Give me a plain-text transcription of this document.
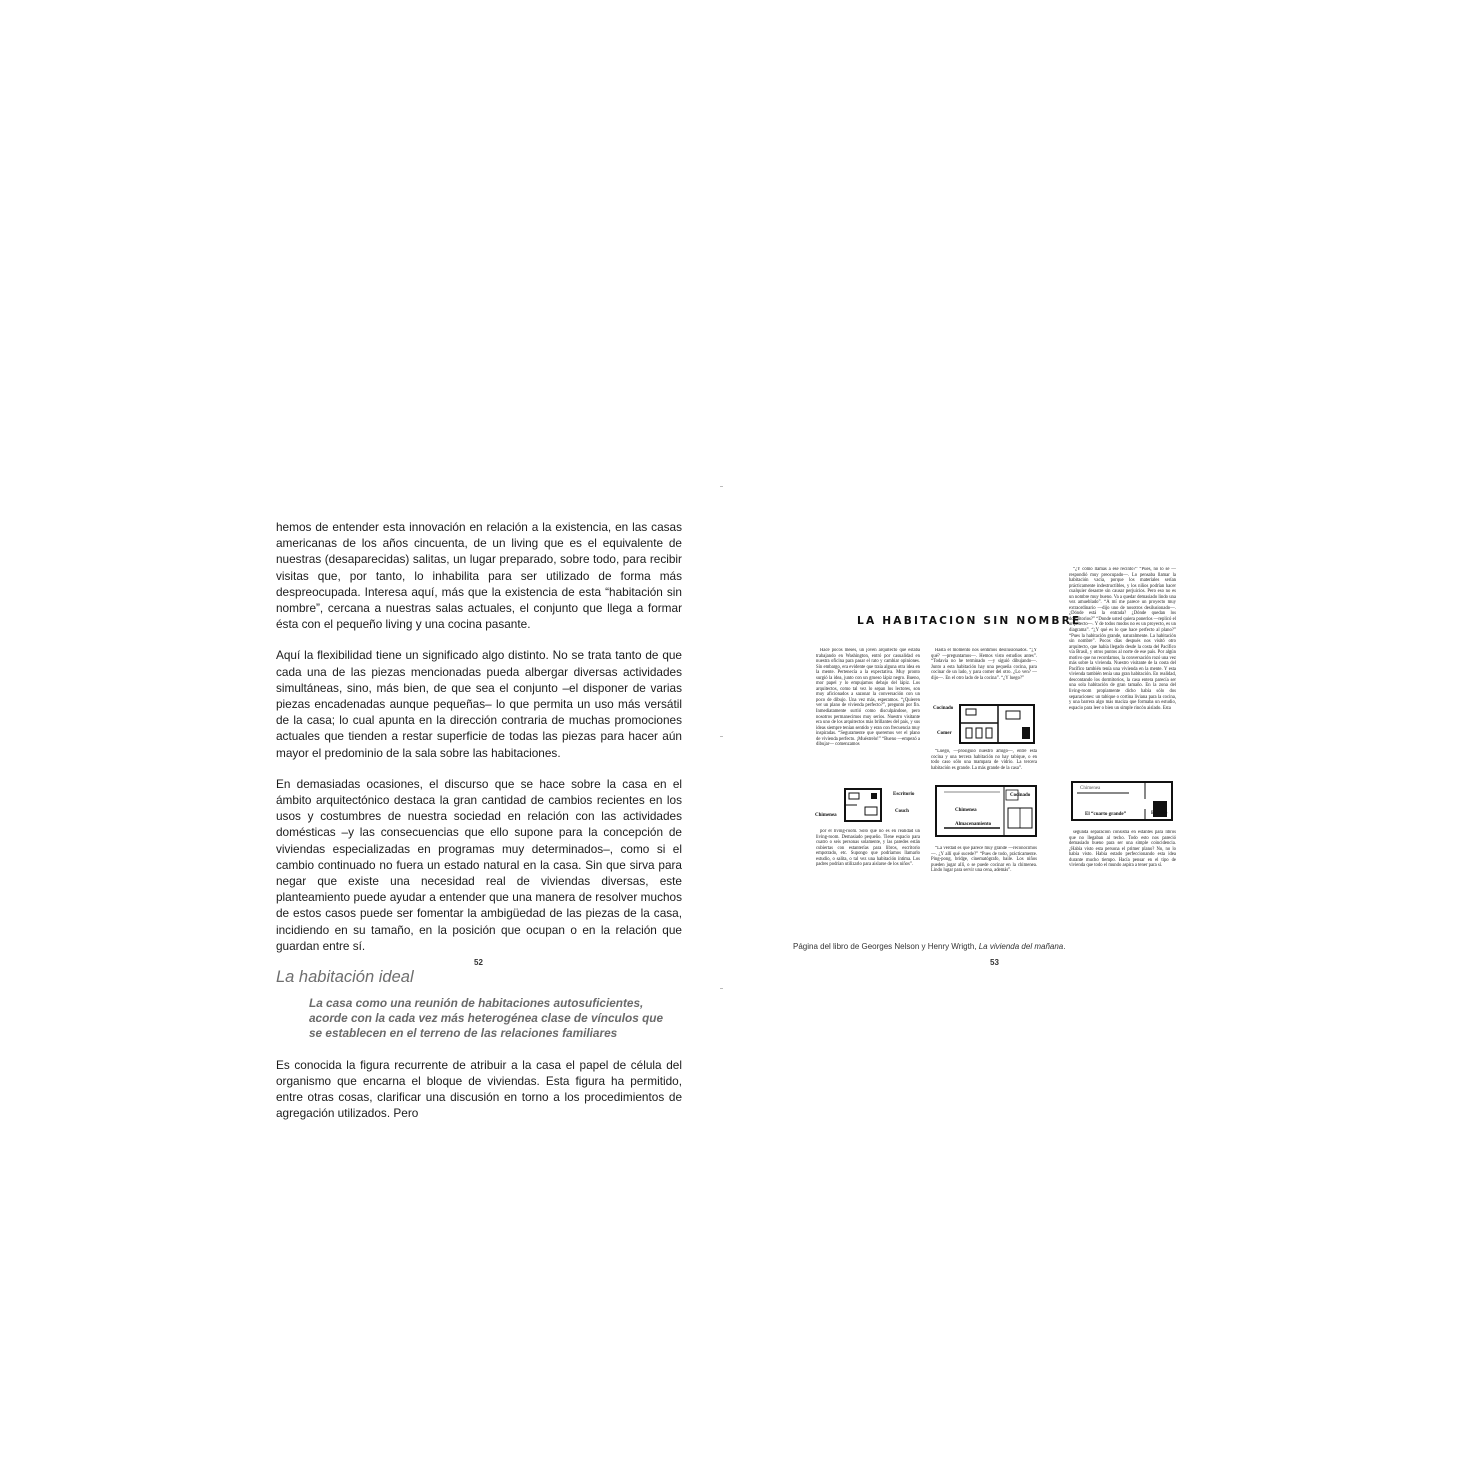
hemos de entender esta innovación en relación a la existencia, en las casas americanas de los años cincuenta, de un living que es el equivalente de nuestras (desaparecidas) salitas, un lugar preparado, sobre todo, para recibir visitas que, por tanto, lo inhabilita para ser utilizado de forma más despreocupada. Interesa aquí, más que la existencia de esta “habitación sin nombre”, cercana a nuestras salas actuales, el conjunto que llega a formar ésta con el pequeño living y una cocina pasante.

Aquí la flexibilidad tiene un significado algo distinto. No se trata tanto de que cada una de las piezas mencionadas pueda albergar diversas actividades simultáneas, sino, más bien, de que sea el conjunto –el disponer de varias piezas encadenadas aunque pequeñas– lo que permita un uso más versátil de la casa; lo cual apunta en la dirección contraria de muchas promociones actuales que tienden a restar superficie de todas las piezas para hacer aún mayor el predominio de la sala sobre las habitaciones.

En demasiadas ocasiones, el discurso que se hace sobre la casa en el ámbito arquitectónico destaca la gran cantidad de cambios recientes en los usos y costumbres de nuestra sociedad en relación con las actividades domésticas –y las consecuencias que ello supone para la concepción de viviendas especializadas en programas muy determinados–, como si el cambio continuado no fuera un estado natural en la casa. Sin que sirva para negar que existe una necesidad real de viviendas diversas, este planteamiento puede ayudar a entender que una manera de resolver muchos de estos casos puede ser fomentar la ambigüedad de las piezas de la casa, incidiendo en su tamaño, en la posición que ocupan o en la relación que guardan entre sí.

La habitación ideal
La casa como una reunión de habitaciones autosuficientes, acorde con la cada vez más heterogénea clase de vínculos que se establecen en el terreno de las relaciones familiares

Es conocida la figura recurrente de atribuir a la casa el papel de célula del organismo que encarna el bloque de viviendas. Esta figura ha permitido, entre otras cosas, clarificar una discusión en torno a los procedimientos de agregación utilizados. Pero

52
LA HABITACION SIN NOMBRE

Hace pocos meses, un joven arquitecto que estaba trabajando en Washington, entró por casualidad en nuestra oficina para pasar el rato y cambiar opiniones. Sin embargo, era evidente que traía alguna otra idea en la mente. Pertenecía a la expectativa. Muy pronto surgió la idea, junto con un grueso lápiz negro. Bueno, mor papel y lo empujamos debajo del lápiz. Los arquitectos, como tal vez lo sepan los lectores, son muy aficionados a sazonar la conversación con un poco de dibujo. Una vez más, esperamos. “¿Quieren ver un plano de vivienda perfecto?”, preguntó por fin. Inmediatamente surtió como disculpándose, pero nosotros permanecimos muy serios. Nuestro visitante era uno de los arquitectos más brillantes del país, y sus ideas siempre tenían sentido y eran con frecuencia muy inspiradas. “Seguramente que queremos ver el plano de vivienda perfecto. ¡Muéstrelo!” “Bueno —empezó a dibujar— comenzamos

Escritorio
Couch
Chimenea

por el living-room. Sólo que no es en realidad un living-room. Demasiado pequeño. Tiene espacio para cuatro o seis personas solamente, y las paredes están cubiertas con estanterías para libros, escritorio empotrado, etc. Supongo que podríamos llamarlo estudio, o salita, o tal vez una habitación íntima. Los padres podrían utilizarlo para aislarse de los niños”.

Hasta el momento nos sentimos desilusionados. “¿Y qué? —preguntamos—. Hemos visto estudios antes”. “Todavía no he terminado —y siguió dibujando—. Junto a esta habitación hay una pequeña cocina, para cocinar de un lado, y para comer del otro. ¿Lo ven? —dijo—. En el otro lado de la cocina”. “¿Y luego?”

Cocinado
Comer

“Luego, —prosiguió nuestro amigo—, entre esta cocina y una tercera habitación no hay tabique, o en todo caso sólo una mampara de vidrio. La tercera habitación es grande. La más grande de la casa”.

Cocinado
Chimenea
Almacenamiento

“La verdad es que parece muy grande —reconocimos—. ¿Y allí qué sucede?” “Pues de todo, prácticamente. Ping-pong, bridge, cinematógrafo, baile. Los niños pueden jugar allí, o se puede cocinar en la chimenea. Lindo lugar para servir una cena, además”.

“¿Y cómo llamas a ese recinto?” “Pues, no lo sé —respondió muy preocupado—. Lo pensaba llamar la habitación vacía, porque los materiales serían prácticamente indestructibles, y los niños podrían hacer cualquier desastre sin causar perjuicios. Pero eso no es un nombre muy bueno. Va a quedar demasiado lindo una vez amueblado”. “A mí me parece un proyecto muy extraordinario —dijo uno de nosotros desilusionado—. ¿Dónde está la entrada? ¿Dónde quedan los dormitorios?” “Donde usted quiera ponerlos —replicó el arquitecto—. Y de todos modos no es un proyecto, es un diagrama”. “¿Y qué es lo que hace perfecto al plano?” “Pues la habitación grande, naturalmente. La habitación sin nombre”. Pocos días después nos visitó otro arquitecto, que había llegado desde la costa del Pacífico vía Brasil, y otros puntos al norte de ese país. Por algún motivo que no recordamos, la conversación rozó una vez más sobre la vivienda. Nuestro visitante de la costa del Pacífico también tenía una vivienda en la mente. Y esta vivienda también tenía una gran habitación. En realidad, descontando los dormitorios, la casa entera parecía ser una sola habitación de gran tamaño. En la zona del living-room propiamente dicho había sólo dos separaciones: un tabique o cortina liviana para la cocina, y una barrera algo más maciza que formaba un estudio, espacio para leer o bien un simple rincón aislado. Esta

Chimenea
El “cuarto grande”	Estudio

segunda separación consistía en estantes para libros que no llegaban al techo. Todo esto nos pareció demasiado bueno para ser una simple coincidencia. ¿Había visto esta persona el primer plano? No, no lo había visto. Había estado perfeccionando esta idea durante mucho tiempo. Hacía pensar en el tipo de vivienda que todo el mundo aspira a tener para sí.

Página del libro de Georges Nelson y Henry Wrigth, La vivienda del mañana.
53
